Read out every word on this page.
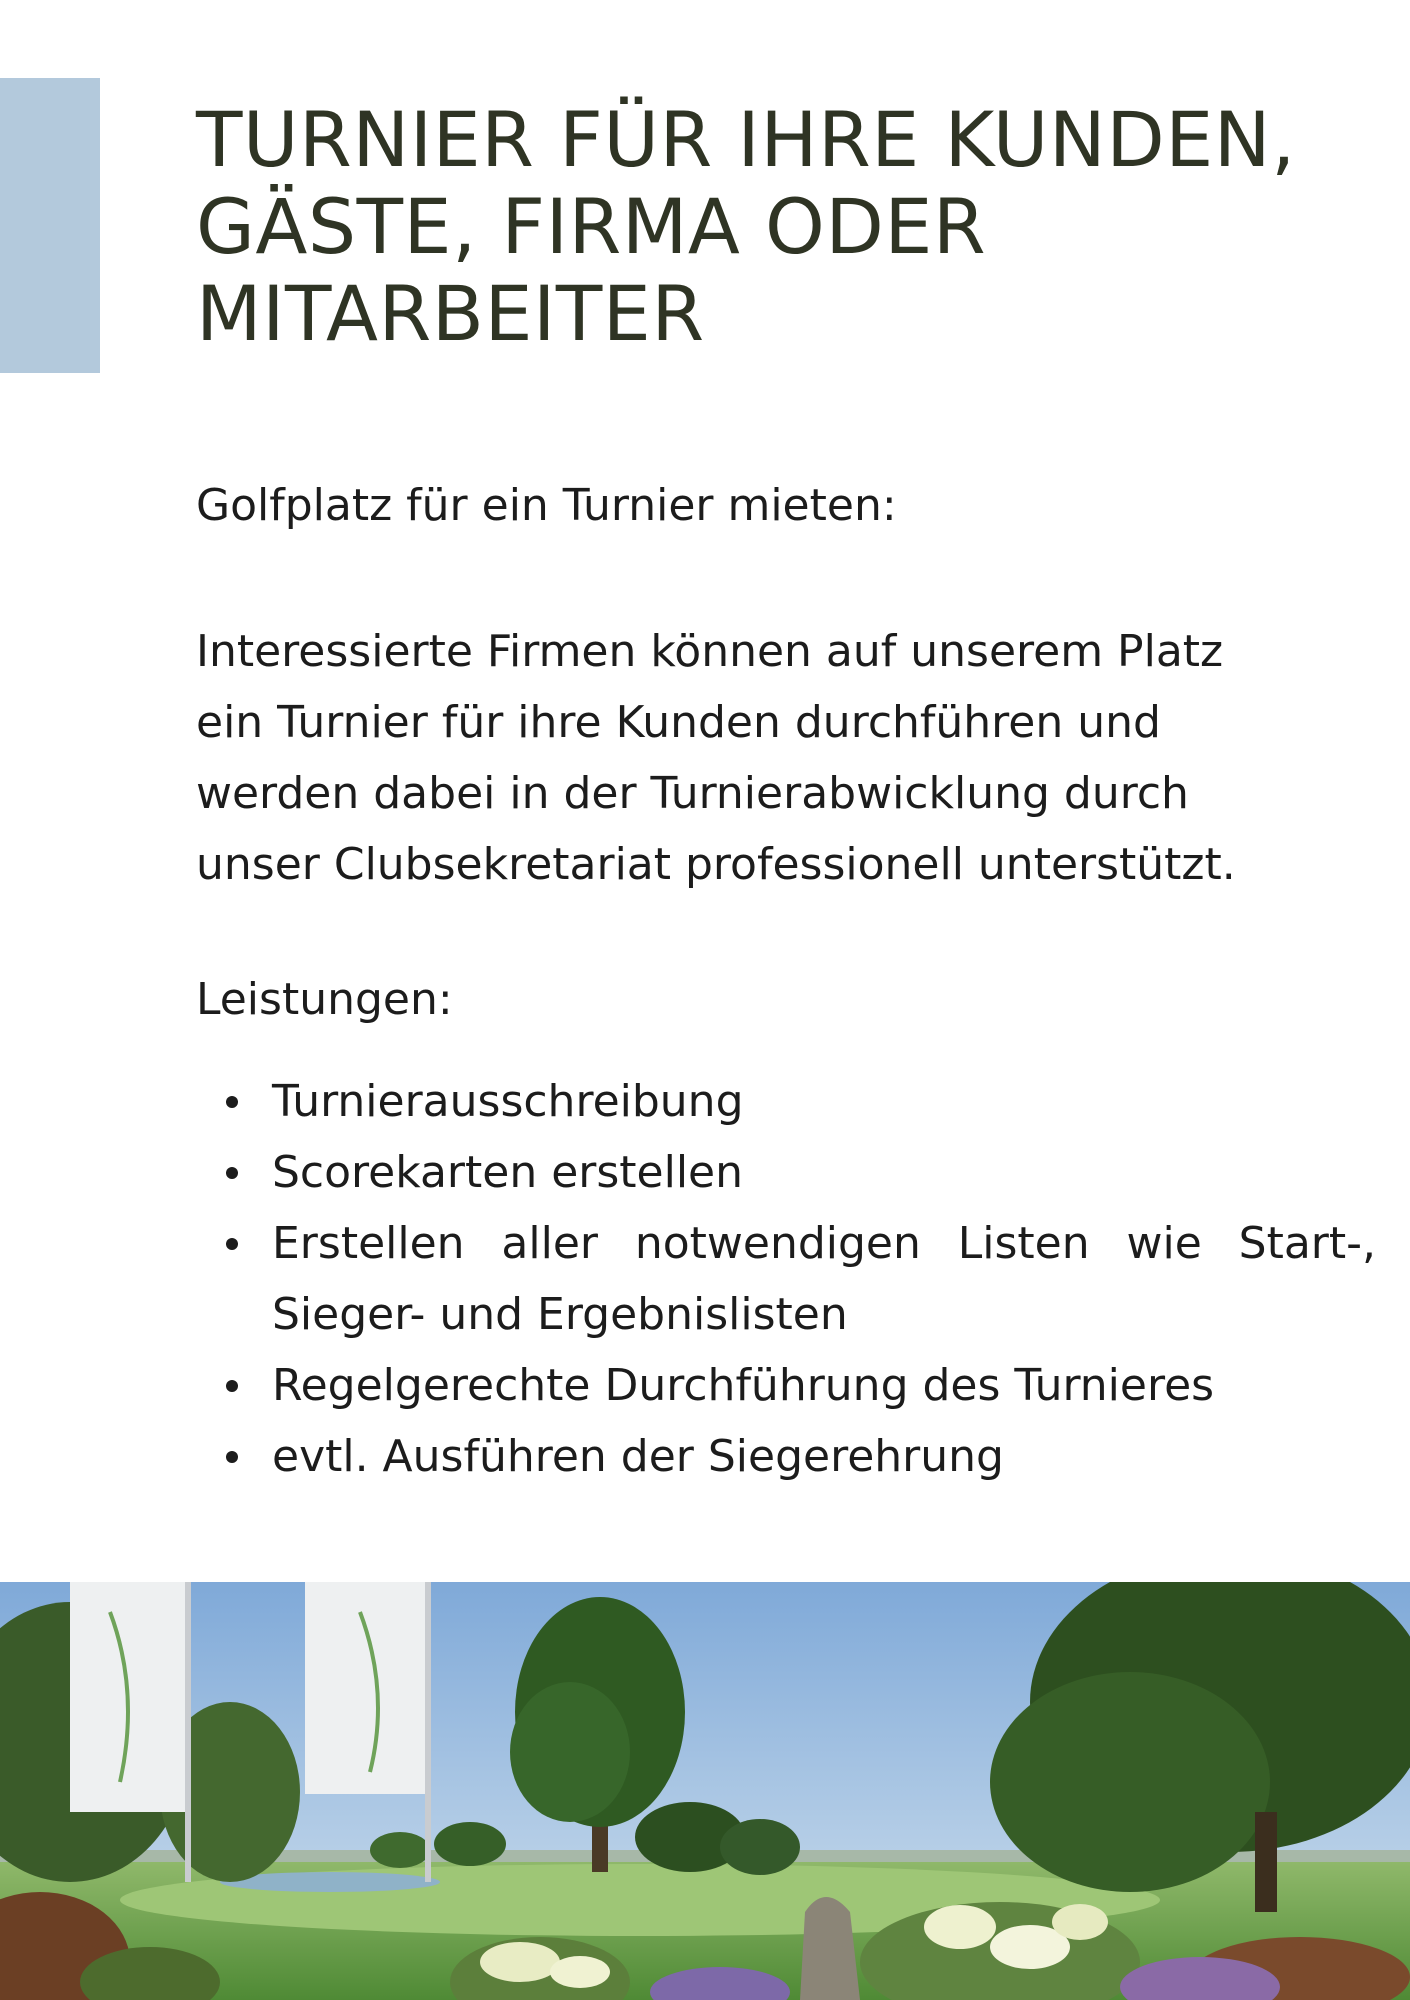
TURNIER FÜR IHRE KUNDEN,
GÄSTE, FIRMA ODER
MITARBEITER

Golfplatz für ein Turnier mieten:

Interessierte Firmen können auf unserem Platz
ein Turnier für ihre Kunden durchführen und
werden dabei in der Turnierabwicklung durch
unser Clubsekretariat professionell unterstützt.

Leistungen:

Turnierausschreibung
Scorekarten erstellen
Erstellen aller notwendigen Listen wie Start-, Sieger- und Ergebnislisten
Regelgerechte Durchführung des Turnieres
evtl. Ausführen der Siegerehrung
